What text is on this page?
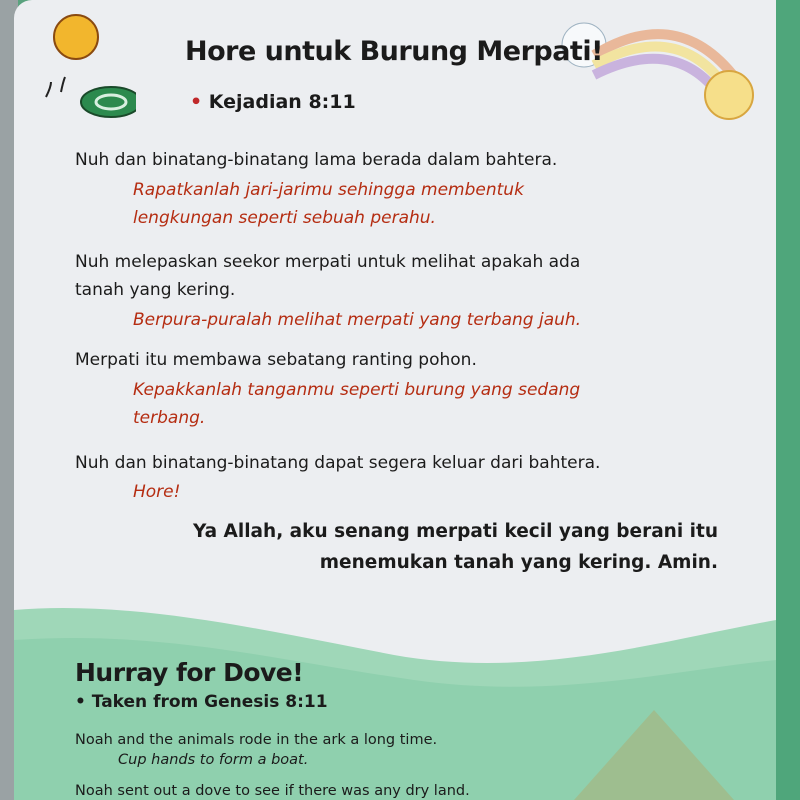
Hore untuk Burung Merpati!
• Kejadian 8:11
Nuh dan binatang-binatang lama berada dalam bahtera.
Rapatkanlah jari-jarimu sehingga membentuk
lengkungan seperti sebuah perahu.
Nuh melepaskan seekor merpati untuk melihat apakah ada
tanah yang kering.
Berpura-puralah melihat merpati yang terbang jauh.
Merpati itu membawa sebatang ranting pohon.
Kepakkanlah tanganmu seperti burung yang sedang
terbang.
Nuh dan binatang-binatang dapat segera keluar dari bahtera.
Hore!
Ya Allah, aku senang merpati kecil yang berani itu
menemukan tanah yang kering. Amin.
Hurray for Dove!
• Taken from Genesis 8:11
Noah and the animals rode in the ark a long time.
Cup hands to form a boat.
Noah sent out a dove to see if there was any dry land.
